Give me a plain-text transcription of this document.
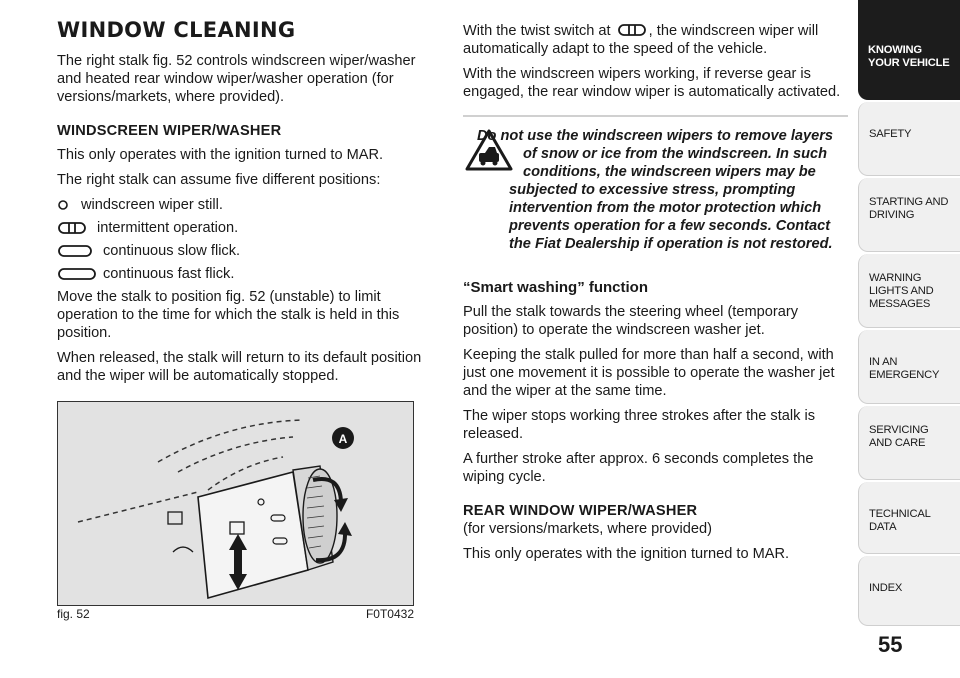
WINDOW CLEANING

The right stalk fig. 52 controls windscreen wiper/washer and heated rear window wiper/washer operation (for versions/markets, where provided).

WINDSCREEN WIPER/WASHER

This only operates with the ignition turned to MAR.

The right stalk can assume five different positions:

windscreen wiper still.
intermittent operation.
continuous slow flick.
continuous fast flick.

Move the stalk to position fig. 52 (unstable) to limit operation to the time for which the stalk is held in this position.

When released, the stalk will return to its default position and the wiper will be automatically stopped.

A
fig. 52	F0T0432

With the twist switch at	, the windscreen wiper will automatically adapt to the speed of the vehicle.

With the windscreen wipers working, if reverse gear is engaged, the rear window wiper is automatically activated.

Do not use the windscreen wipers to remove layers of snow or ice from the windscreen. In such conditions, the windscreen wipers may be subjected to excessive stress, prompting intervention from the motor protection which prevents operation for a few seconds. Contact the Fiat Dealership if operation is not restored.

“Smart washing” function

Pull the stalk towards the steering wheel (temporary position) to operate the windscreen washer jet.

Keeping the stalk pulled for more than half a second, with just one movement it is possible to operate the washer jet and the wiper at the same time.

The wiper stops working three strokes after the stalk is released.

A further stroke after approx. 6 seconds completes the wiping cycle.

REAR WINDOW WIPER/WASHER

(for versions/markets, where provided)

This only operates with the ignition turned to MAR.

KNOWING YOUR VEHICLE
SAFETY
STARTING AND DRIVING
WARNING LIGHTS AND MESSAGES
IN AN EMERGENCY
SERVICING AND CARE
TECHNICAL DATA
INDEX
55
